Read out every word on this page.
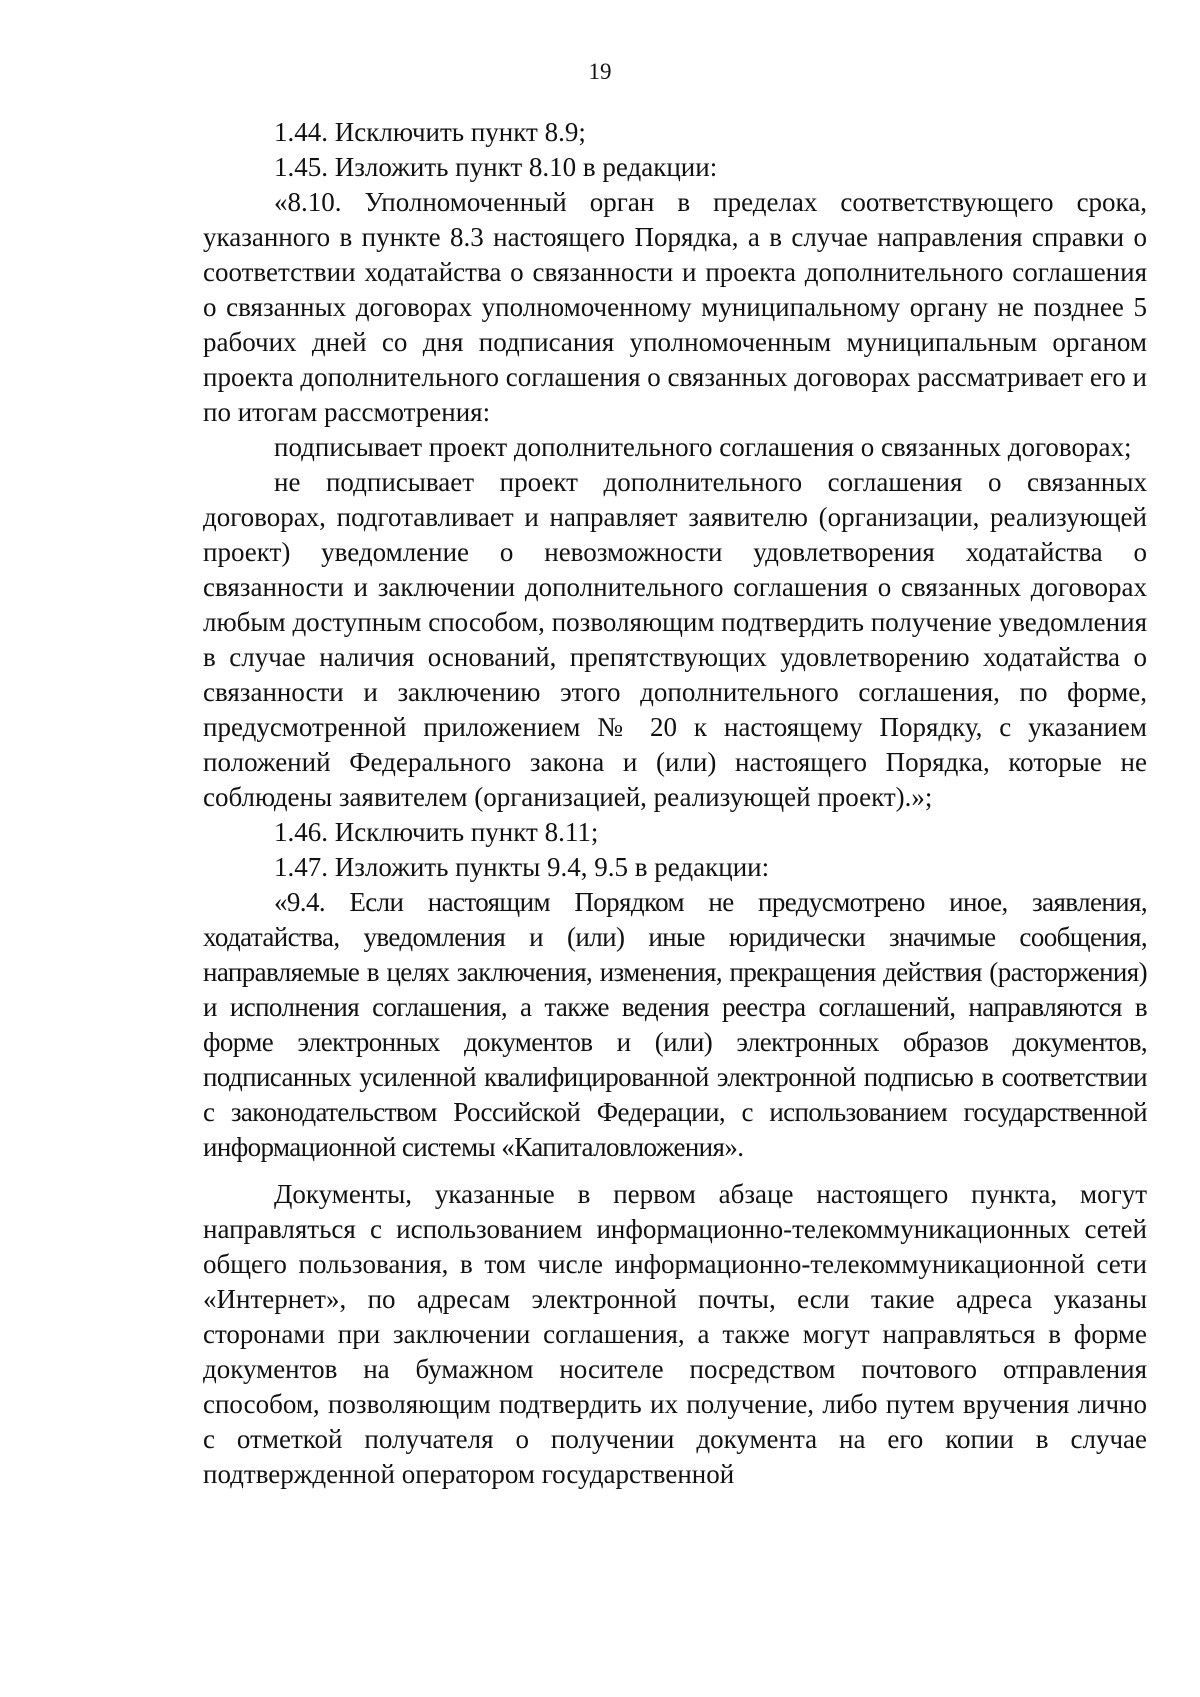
19

1.44. Исключить пункт 8.9;

1.45. Изложить пункт 8.10 в редакции:

«8.10. Уполномоченный орган в пределах соответствующего срока, указанного в пункте 8.3 настоящего Порядка, а в случае направления справки о соответствии ходатайства о связанности и проекта дополнительного соглашения о связанных договорах уполномоченному муниципальному органу не позднее 5 рабочих дней со дня подписания уполномоченным муниципальным органом проекта дополнительного соглашения о связанных договорах рассматривает его и по итогам рассмотрения:

подписывает проект дополнительного соглашения о связанных договорах;

не подписывает проект дополнительного соглашения о связанных договорах, подготавливает и направляет заявителю (организации, реализующей проект) уведомление о невозможности удовлетворения ходатайства о связанности и заключении дополнительного соглашения о связанных договорах любым доступным способом, позволяющим подтвердить получение уведомления в случае наличия оснований, препятствующих удовлетворению ходатайства о связанности и заключению этого дополнительного соглашения, по форме, предусмотренной приложением № 20 к настоящему Порядку, с указанием положений Федерального закона и (или) настоящего Порядка, которые не соблюдены заявителем (организацией, реализующей проект).»;

1.46. Исключить пункт 8.11;

1.47. Изложить пункты 9.4, 9.5 в редакции:

«9.4. Если настоящим Порядком не предусмотрено иное, заявления, ходатайства, уведомления и (или) иные юридически значимые сообщения, направляемые в целях заключения, изменения, прекращения действия (расторжения) и исполнения соглашения, а также ведения реестра соглашений, направляются в форме электронных документов и (или) электронных образов документов, подписанных усиленной квалифицированной электронной подписью в соответствии с законодательством Российской Федерации, с использованием государственной информационной системы «Капиталовложения».

Документы, указанные в первом абзаце настоящего пункта, могут направляться с использованием информационно-телекоммуникационных сетей общего пользования, в том числе информационно-телекоммуникационной сети «Интернет», по адресам электронной почты, если такие адреса указаны сторонами при заключении соглашения, а также могут направляться в форме документов на бумажном носителе посредством почтового отправления способом, позволяющим подтвердить их получение, либо путем вручения лично с отметкой получателя о получении документа на его копии в случае подтвержденной оператором государственной
